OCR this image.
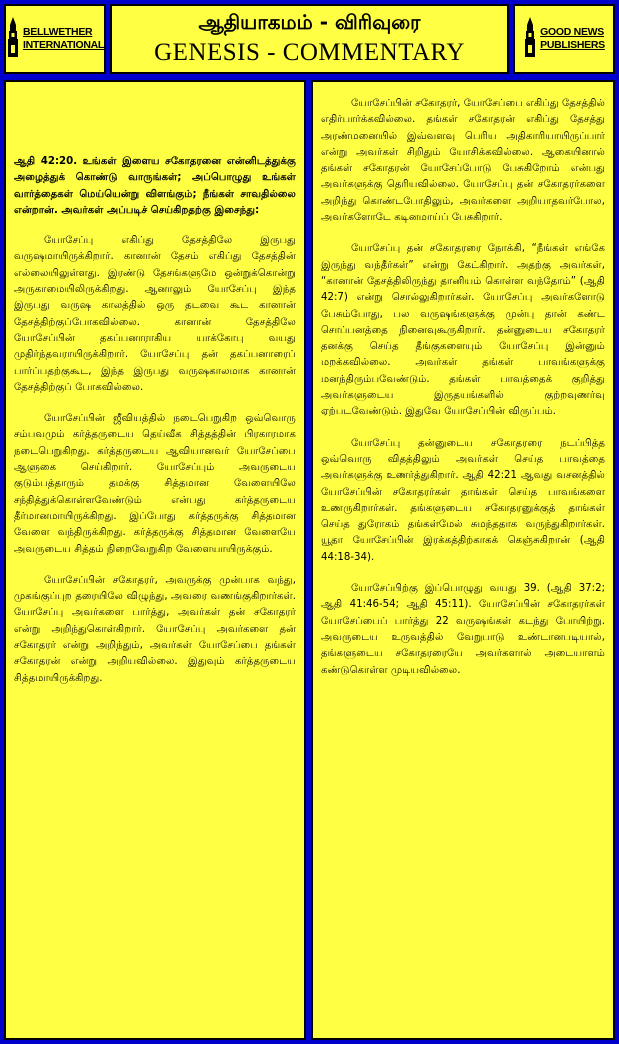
BELLWETHER
INTERNATIONAL
ஆதியாகமம் - விரிவுரை
GENESIS - COMMENTARY
GOOD NEWS
PUBLISHERS

ஆதி 42:20. உங்கள் இளைய சகோதரனை என்னிடத்துக்கு அழைத்துக் கொண்டு வாருங்கள்; அப்பொழுது உங்கள் வார்த்தைகள் மெய்யென்று விளங்கும்; நீங்கள் சாவதில்லை என்றான். அவர்கள் அப்படிச் செய்கிறதற்கு இசைந்து:

யோசேப்பு எகிப்து தேசத்திலே இருபது வருஷமாயிருக்கிறார். கானான் தேசம் எகிப்து தேசத்தின் எல்லையிலுள்ளது. இரண்டு தேசங்களுமே ஒன்றுக்கொன்று அருகாமையிலிருக்கிறது. ஆனாலும் யோசேப்பு இந்த இருபது வருஷ காலத்தில் ஒரு தடவை கூட கானான் தேசத்திற்குப்போகவில்லை. கானான் தேசத்திலே யோசேப்பின் தகப்பனாராகிய யாக்கோபு வயது முதிர்ந்தவராயிருக்கிறார். யோசேப்பு தன் தகப்பனாரைப் பார்ப்பதற்குகூட, இந்த இருபது வருஷகாலமாக கானான் தேசத்திற்குப் போகவில்லை.

யோசேப்பின் ஜீவியத்தில் நடைபெறுகிற ஒவ்வொரு சம்பவமும் கர்த்தருடைய தெய்வீக சித்தத்தின் பிரகாரமாக நடைபெறுகிறது. கர்த்தருடைய ஆவியானவர் யோசேப்பை ஆளுகை செய்கிறார். யோசேப்பும் அவருடைய குடும்பத்தாரும் தமக்கு சித்தமான வேளையிலே சந்தித்துக்கொள்ளவேண்டும் என்பது கர்த்தருடைய தீர்மானமாயிருக்கிறது. இப்போது கர்த்தருக்கு சித்தமான வேளை வந்திருக்கிறது. கர்த்தருக்கு சித்தமான வேளையே அவருடைய சித்தம் நிறைவேறுகிற வேளையாயிருக்கும்.

யோசேப்பின் சகோதரர், அவருக்கு முன்பாக வந்து, முகங்குப்புற தரையிலே விழுந்து, அவரை வணங்குகிறார்கள். யோசேப்பு அவர்களை பார்த்து, அவர்கள் தன் சகோதரர் என்று அறிந்துகொள்கிறார். யோசேப்பு அவர்களை தன் சகோதரர் என்று அறிந்தும், அவர்கள் யோசேப்பை தங்கள் சகோதரன் என்று அறியவில்லை. இதுவும் கர்த்தருடைய சித்தமாயிருக்கிறது.

யோசேப்பின் சகோதரர், யோசேப்பை எகிப்து தேசத்தில் எதிர்பார்க்கவில்லை. தங்கள் சகோதரன் எகிப்து தேசத்து அரண்மனையில் இவ்வளவு பெரிய அதிகாரியாயிருப்பார் என்று அவர்கள் சிறிதும் யோசிக்கவில்லை. ஆகையினால் தங்கள் சகோதரன் யோசேப்போடு பேசுகிறோம் என்பது அவர்களுக்கு தெரியவில்லை. யோசேப்பு தன் சகோதரர்களை அறிந்து கொண்டபோதிலும், அவர்களை அறியாதவர்போல, அவர்களோடே கடினமாய்ப் பேசுகிறார்.

யோசேப்பு தன் சகோதரரை நோக்கி, “நீங்கள் எங்கே இருந்து வந்தீர்கள்” என்று கேட்கிறார். அதற்கு அவர்கள், “கானான் தேசத்திலிருந்து தானியம் கொள்ள வந்தோம்” (ஆதி 42:7) என்று சொல்லுகிறார்கள். யோசேப்பு அவர்களோடு பேசும்போது, பல வருஷங்களுக்கு முன்பு தான் கண்ட சொப்பனத்தை நினைவுகூருகிறார். தன்னுடைய சகோதரர் தனக்கு செய்த தீங்குகளையும் யோசேப்பு இன்னும் மறக்கவில்லை. அவர்கள் தங்கள் பாவங்களுக்கு மனந்திரும்பவேண்டும். தங்கள் பாவத்தைக் குறித்து அவர்களுடைய இருதயங்களில் குற்றவுணர்வு ஏற்படவேண்டும். இதுவே யோசேப்பின் விருப்பம்.

யோசேப்பு தன்னுடைய சகோதரரை நடப்பித்த ஒவ்வொரு விதத்திலும் அவர்கள் செய்த பாவத்தை அவர்களுக்கு உணர்த்துகிறார். ஆதி 42:21 ஆவது வசனத்தில் யோசேப்பின் சகோதரர்கள் தாங்கள் செய்த பாவங்களை உணருகிறார்கள். தங்களுடைய சகோதரனுக்குத் தாங்கள் செய்த துரோகம் தங்கள்மேல் சுமந்ததாக வருந்துகிறார்கள். யூதா யோசேப்பின் இரக்கத்திற்காகக் கெஞ்சுகிறான் (ஆதி 44:18-34).

யோசேப்பிற்கு இப்பொழுது வயது 39. (ஆதி 37:2; ஆதி 41:46-54; ஆதி 45:11). யோசேப்பின் சகோதரர்கள் யோசேப்பைப் பார்த்து 22 வருஷங்கள் கடந்து போயிற்று. அவருடைய உருவத்தில் வேறுபாடு உண்டானபடியால், தங்களுடைய சகோதரரையே அவர்களால் அடையாளம் கண்டுகொள்ள முடியவில்லை.
